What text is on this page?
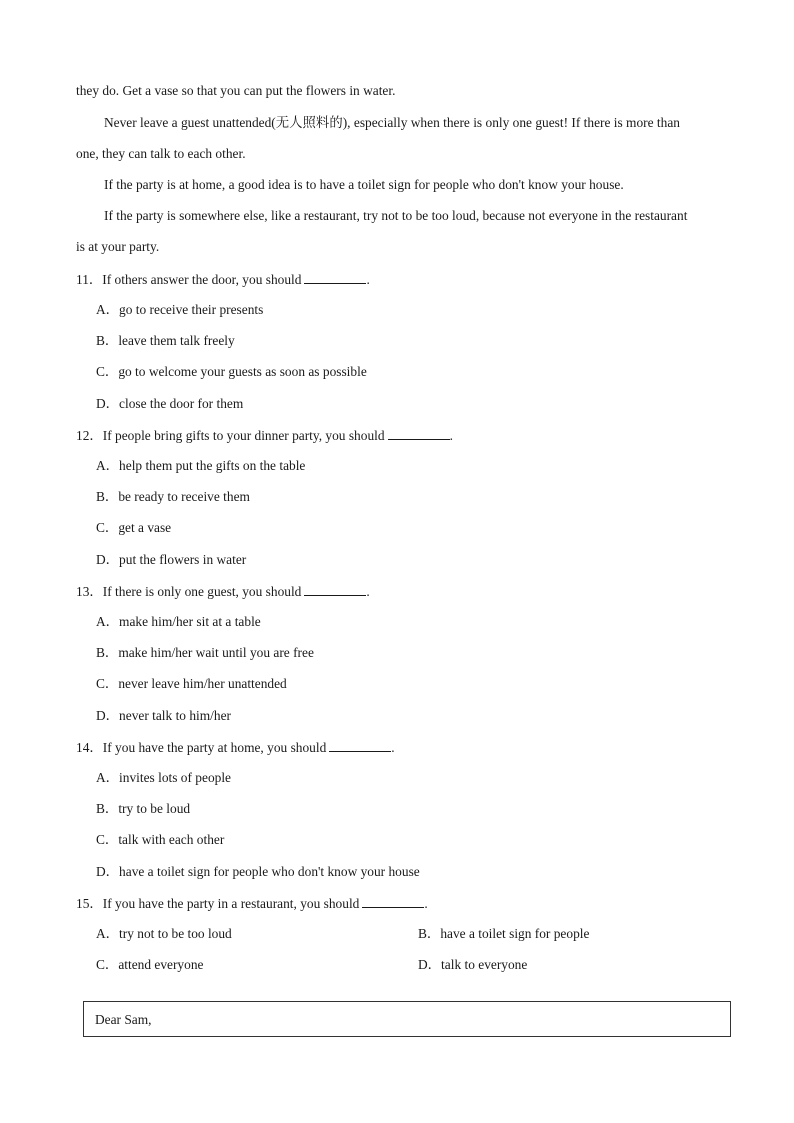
they do. Get a vase so that you can put the flowers in water.
Never leave a guest unattended(无人照料的), especially when there is only one guest! If there is more than
one, they can talk to each other.
If the party is at home, a good idea is to have a toilet sign for people who don't know your house.
If the party is somewhere else, like a restaurant, try not to be too loud, because not everyone in the restaurant
is at your party.
11．If others answer the door, you should	.
A．go to receive their presents
B．leave them talk freely
C．go to welcome your guests as soon as possible
D．close the door for them
12．If people bring gifts to your dinner party, you should	.
A．help them put the gifts on the table
B．be ready to receive them
C．get a vase
D．put the flowers in water
13．If there is only one guest, you should	.
A．make him/her sit at a table
B．make him/her wait until you are free
C．never leave him/her unattended
D．never talk to him/her
14．If you have the party at home, you should	.
A．invites lots of people
B．try to be loud
C．talk with each other
D．have a toilet sign for people who don't know your house
15．If you have the party in a restaurant, you should	.
A．try not to be too loud	B．have a toilet sign for people
C．attend everyone	D．talk to everyone
Dear Sam,
